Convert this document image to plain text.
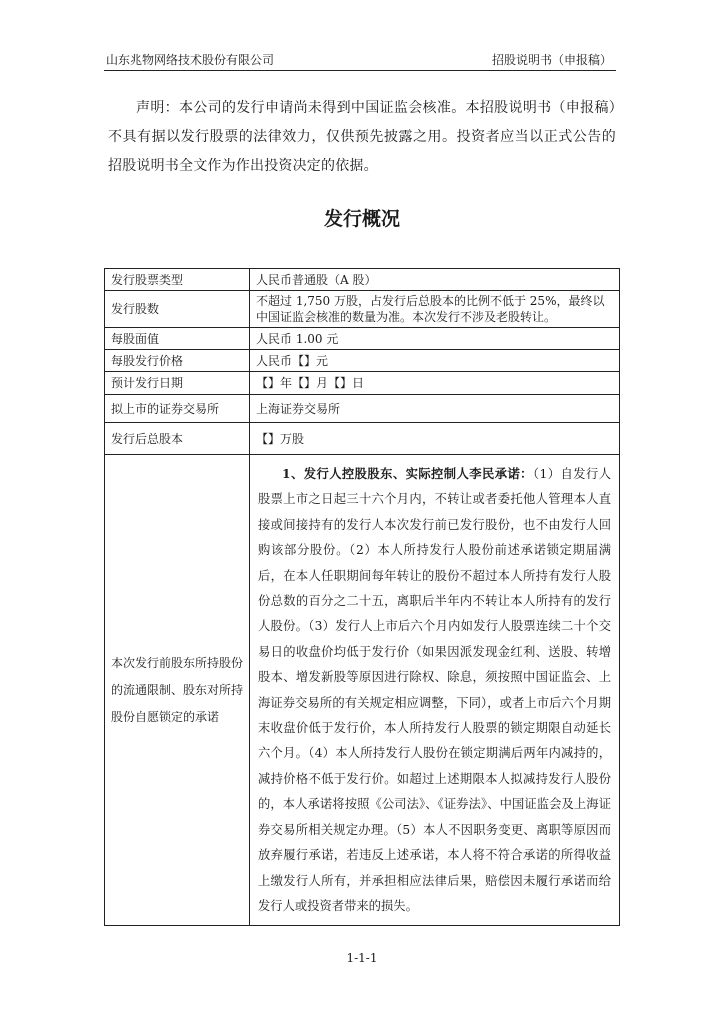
山东兆物网络技术股份有限公司	招股说明书（申报稿）
声明：本公司的发行申请尚未得到中国证监会核准。本招股说明书（申报稿）不具有据以发行股票的法律效力，仅供预先披露之用。投资者应当以正式公告的招股说明书全文作为作出投资决定的依据。
发行概况
发行股票类型	人民币普通股（A 股）
发行股数	不超过 1,750 万股，占发行后总股本的比例不低于 25%，最终以中国证监会核准的数量为准。本次发行不涉及老股转让。
每股面值	人民币 1.00 元
每股发行价格	人民币【】元
预计发行日期	【】年【】月【】日
拟上市的证券交易所	上海证券交易所
发行后总股本	【】万股
本次发行前股东所持股份的流通限制、股东对所持股份自愿锁定的承诺	1、发行人控股股东、实际控制人李民承诺：（1）自发行人股票上市之日起三十六个月内，不转让或者委托他人管理本人直接或间接持有的发行人本次发行前已发行股份，也不由发行人回购该部分股份。（2）本人所持发行人股份前述承诺锁定期届满后，在本人任职期间每年转让的股份不超过本人所持有发行人股份总数的百分之二十五，离职后半年内不转让本人所持有的发行人股份。（3）发行人上市后六个月内如发行人股票连续二十个交易日的收盘价均低于发行价（如果因派发现金红利、送股、转增股本、增发新股等原因进行除权、除息，须按照中国证监会、上海证券交易所的有关规定相应调整，下同），或者上市后六个月期末收盘价低于发行价，本人所持发行人股票的锁定期限自动延长六个月。（4）本人所持发行人股份在锁定期满后两年内减持的，减持价格不低于发行价。如超过上述期限本人拟减持发行人股份的，本人承诺将按照《公司法》、《证券法》、中国证监会及上海证券交易所相关规定办理。（5）本人不因职务变更、离职等原因而放弃履行承诺，若违反上述承诺，本人将不符合承诺的所得收益上缴发行人所有，并承担相应法律后果，赔偿因未履行承诺而给发行人或投资者带来的损失。
1-1-1
